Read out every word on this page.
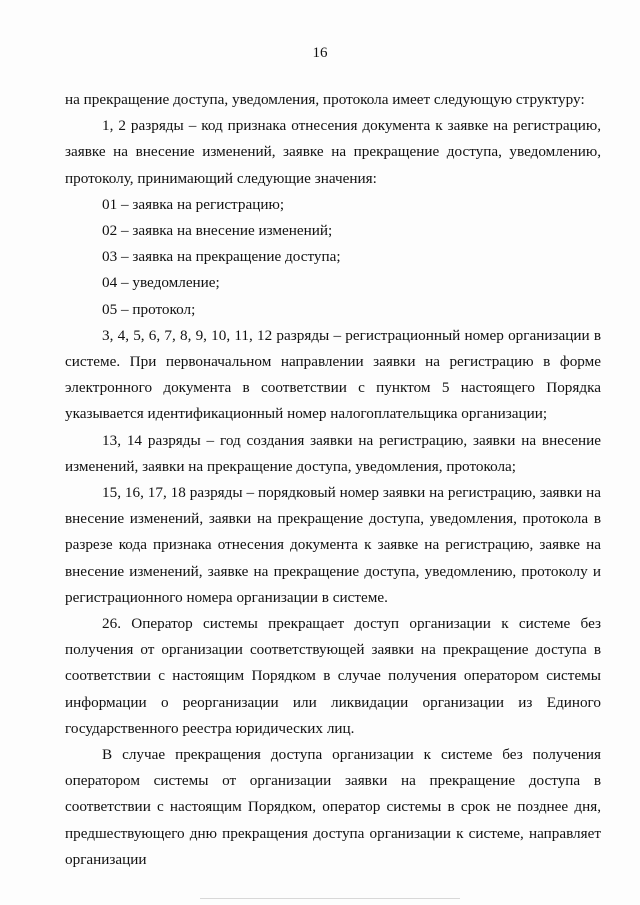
16

на прекращение доступа, уведомления, протокола имеет следующую структуру:

1, 2 разряды – код признака отнесения документа к заявке на регистрацию, заявке на внесение изменений, заявке на прекращение доступа, уведомлению, протоколу, принимающий следующие значения:

01 – заявка на регистрацию;

02 – заявка на внесение изменений;

03 – заявка на прекращение доступа;

04 – уведомление;

05 – протокол;

3, 4, 5, 6, 7, 8, 9, 10, 11, 12 разряды – регистрационный номер организации в системе. При первоначальном направлении заявки на регистрацию в форме электронного документа в соответствии с пунктом 5 настоящего Порядка указывается идентификационный номер налогоплательщика организации;

13, 14 разряды – год создания заявки на регистрацию, заявки на внесение изменений, заявки на прекращение доступа, уведомления, протокола;

15, 16, 17, 18 разряды – порядковый номер заявки на регистрацию, заявки на внесение изменений, заявки на прекращение доступа, уведомления, протокола в разрезе кода признака отнесения документа к заявке на регистрацию, заявке на внесение изменений, заявке на прекращение доступа, уведомлению, протоколу и регистрационного номера организации в системе.

26. Оператор системы прекращает доступ организации к системе без получения от организации соответствующей заявки на прекращение доступа в соответствии с настоящим Порядком в случае получения оператором системы информации о реорганизации или ликвидации организации из Единого государственного реестра юридических лиц.

В случае прекращения доступа организации к системе без получения оператором системы от организации заявки на прекращение доступа в соответствии с настоящим Порядком, оператор системы в срок не позднее дня, предшествующего дню прекращения доступа организации к системе, направляет организации
